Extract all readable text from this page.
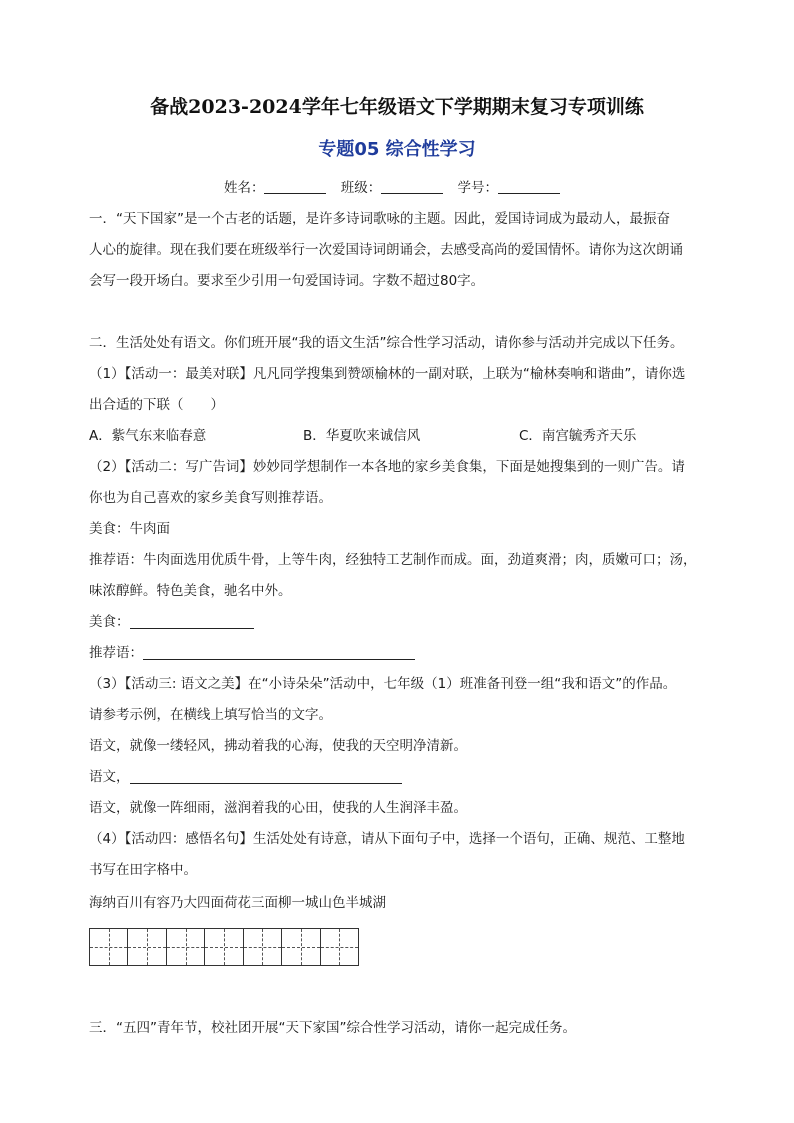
备战2023-2024学年七年级语文下学期期末复习专项训练
专题05 综合性学习
姓名：	班级：	学号：
一．“天下国家”是一个古老的话题，是许多诗词歌咏的主题。因此，爱国诗词成为最动人，最振奋
人心的旋律。现在我们要在班级举行一次爱国诗词朗诵会，去感受高尚的爱国情怀。请你为这次朗诵
会写一段开场白。要求至少引用一句爱国诗词。字数不超过80字。
二．生活处处有语文。你们班开展“我的语文生活”综合性学习活动，请你参与活动并完成以下任务。
（1）【活动一：最美对联】凡凡同学搜集到赞颂榆林的一副对联，上联为“榆林奏响和谐曲”，请你选
出合适的下联（　　）
A．紫气东来临春意	B．华夏吹来诚信风	C．南宫毓秀齐天乐
（2）【活动二：写广告词】妙妙同学想制作一本各地的家乡美食集，下面是她搜集到的一则广告。请
你也为自己喜欢的家乡美食写则推荐语。
美食：牛肉面
推荐语：牛肉面选用优质牛骨，上等牛肉，经独特工艺制作而成。面，劲道爽滑；肉，质嫩可口；汤，
味浓醇鲜。特色美食，驰名中外。
美食：
推荐语：
（3）【活动三: 语文之美】在“小诗朵朵”活动中，七年级（1）班准备刊登一组“我和语文”的作品。
请参考示例，在横线上填写恰当的文字。
语文，就像一缕轻风，拂动着我的心海，使我的天空明净清新。
语文，
语文，就像一阵细雨，滋润着我的心田，使我的人生润泽丰盈。
（4）【活动四：感悟名句】生活处处有诗意，请从下面句子中，选择一个语句，正确、规范、工整地
书写在田字格中。
海纳百川有容乃大四面荷花三面柳一城山色半城湖
三．“五四”青年节，校社团开展“天下家国”综合性学习活动，请你一起完成任务。
